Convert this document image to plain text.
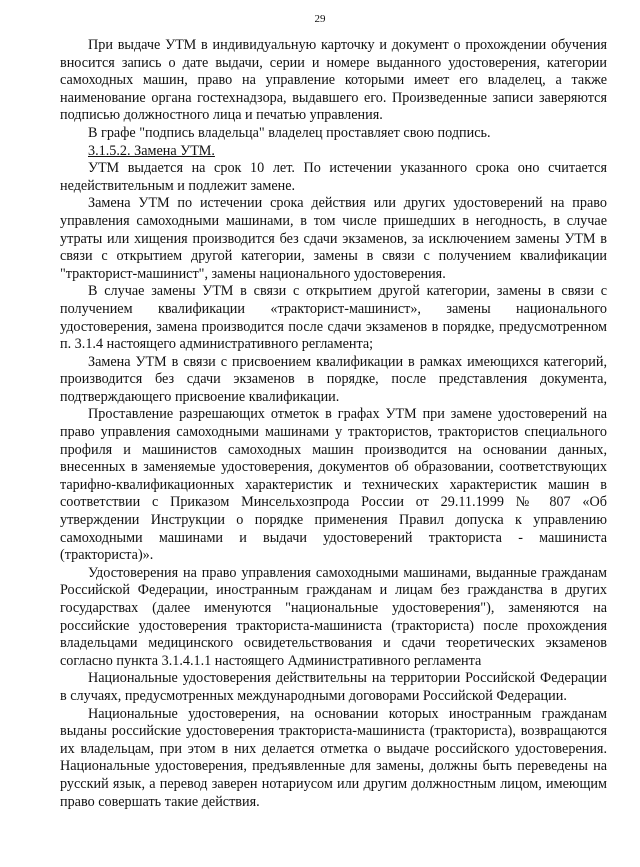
29

При выдаче УТМ в индивидуальную карточку и документ о прохождении обучения вносится запись о дате выдачи, серии и номере выданного удостоверения, категории самоходных машин, право на управление которыми имеет его владелец, а также наименование органа гостехнадзора, выдавшего его. Произведенные записи заверяются подписью должностного лица и печатью управления.

В графе "подпись владельца" владелец проставляет свою подпись.

3.1.5.2. Замена УТМ.

УТМ выдается на срок 10 лет. По истечении указанного срока оно считается недействительным и подлежит замене.

Замена УТМ по истечении срока действия или других удостоверений на право управления самоходными машинами, в том числе пришедших в негодность, в случае утраты или хищения производится без сдачи экзаменов, за исключением замены УТМ в связи с открытием другой категории, замены в связи с получением квалификации "тракторист-машинист", замены национального удостоверения.

В случае замены УТМ в связи с открытием другой категории, замены в связи с получением квалификации «тракторист-машинист», замены национального удостоверения, замена производится после сдачи экзаменов в порядке, предусмотренном п. 3.1.4 настоящего административного регламента;

Замена УТМ в связи с присвоением квалификации в рамках имеющихся категорий, производится без сдачи экзаменов в порядке, после представления документа, подтверждающего присвоение квалификации.

Проставление разрешающих отметок в графах УТМ при замене удостоверений на право управления самоходными машинами у трактористов, трактористов специального профиля и машинистов самоходных машин производится на основании данных, внесенных в заменяемые удостоверения, документов об образовании, соответствующих тарифно-квалификационных характеристик и технических характеристик машин в соответствии с Приказом Минсельхозпрода России от 29.11.1999 № 807 «Об утверждении Инструкции о порядке применения Правил допуска к управлению самоходными машинами и выдачи удостоверений тракториста - машиниста (тракториста)».

Удостоверения на право управления самоходными машинами, выданные гражданам Российской Федерации, иностранным гражданам и лицам без гражданства в других государствах (далее именуются "национальные удостоверения"), заменяются на российские удостоверения тракториста-машиниста (тракториста) после прохождения владельцами медицинского освидетельствования и сдачи теоретических экзаменов согласно пункта 3.1.4.1.1 настоящего Административного регламента

Национальные удостоверения действительны на территории Российской Федерации в случаях, предусмотренных международными договорами Российской Федерации.

Национальные удостоверения, на основании которых иностранным гражданам выданы российские удостоверения тракториста-машиниста (тракториста), возвращаются их владельцам, при этом в них делается отметка о выдаче российского удостоверения. Национальные удостоверения, предъявленные для замены, должны быть переведены на русский язык, а перевод заверен нотариусом или другим должностным лицом, имеющим право совершать такие действия.
